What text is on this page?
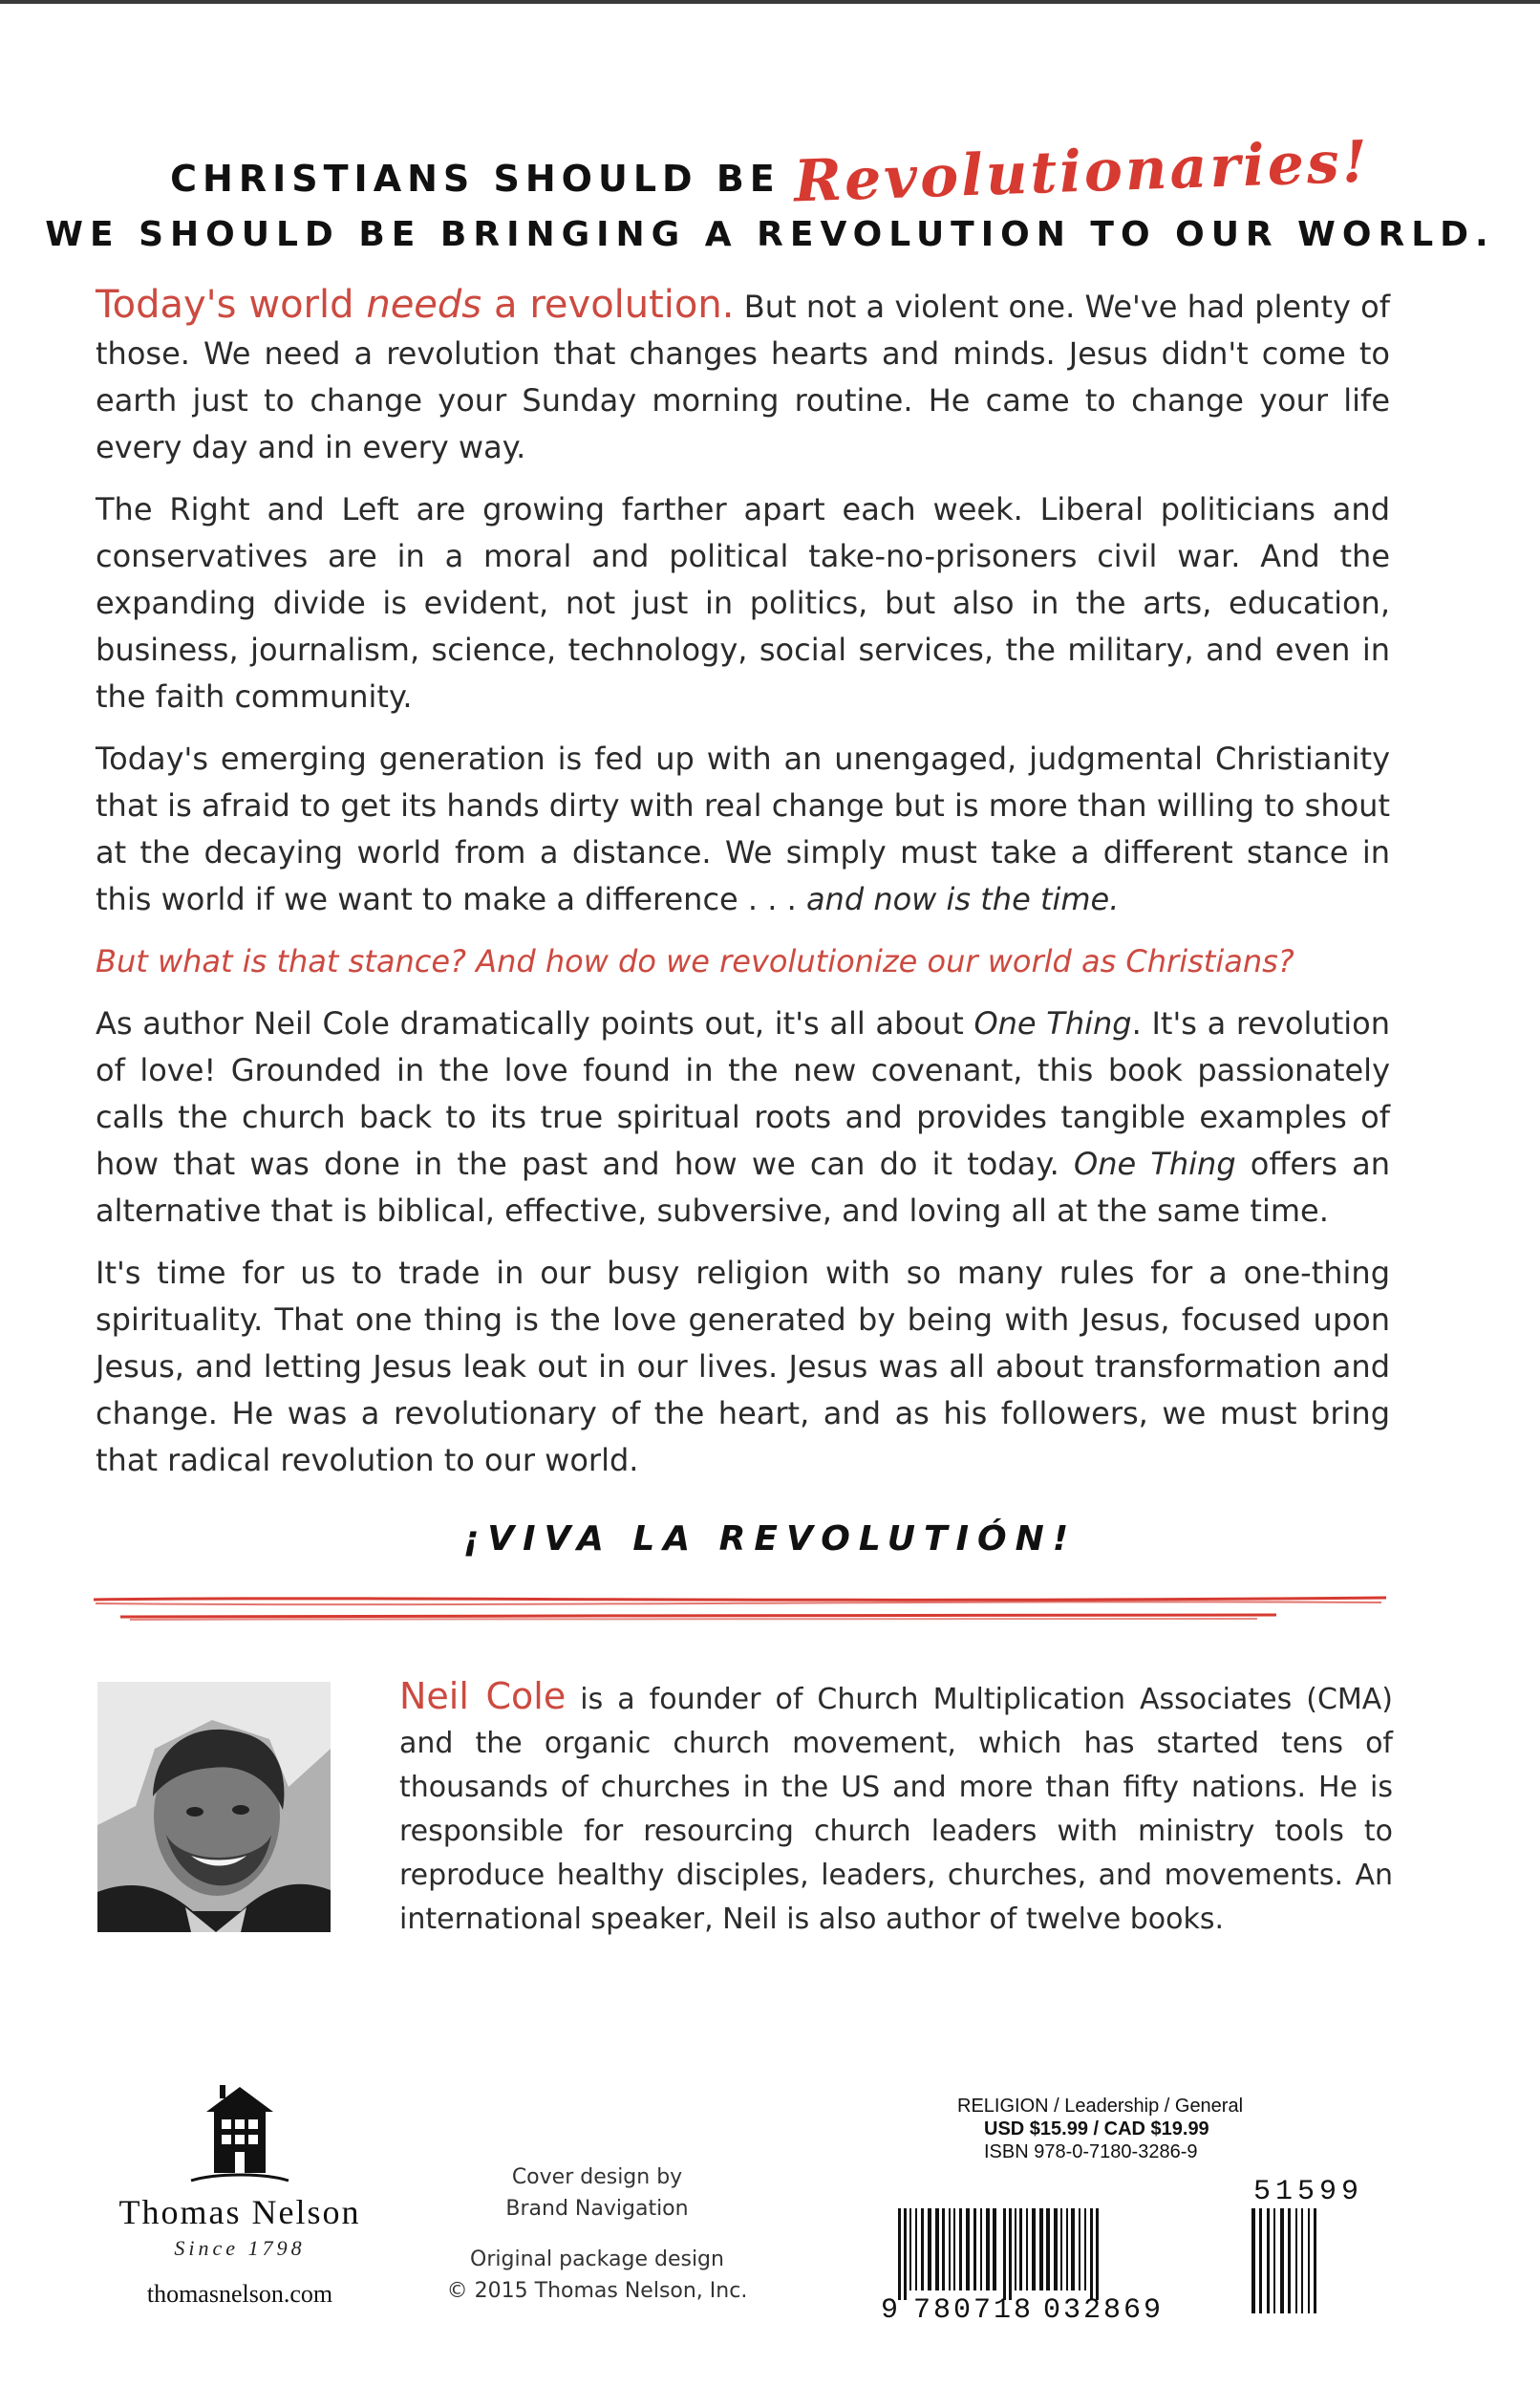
CHRISTIANS SHOULD BE Revolutionaries!
WE SHOULD BE BRINGING A REVOLUTION TO OUR WORLD.

Today's world needs a revolution. But not a violent one. We've had plenty of those. We need a revolution that changes hearts and minds. Jesus didn't come to earth just to change your Sunday morning routine. He came to change your life every day and in every way.

The Right and Left are growing farther apart each week. Liberal politicians and conservatives are in a moral and political take-no-prisoners civil war. And the expanding divide is evident, not just in politics, but also in the arts, education, business, journalism, science, technology, social services, the military, and even in the faith community.

Today's emerging generation is fed up with an unengaged, judgmental Christianity that is afraid to get its hands dirty with real change but is more than willing to shout at the decaying world from a distance. We simply must take a different stance in this world if we want to make a difference . . . and now is the time.

But what is that stance? And how do we revolutionize our world as Christians?

As author Neil Cole dramatically points out, it's all about One Thing. It's a revolution of love! Grounded in the love found in the new covenant, this book passionately calls the church back to its true spiritual roots and provides tangible examples of how that was done in the past and how we can do it today. One Thing offers an alternative that is biblical, effective, subversive, and loving all at the same time.

It's time for us to trade in our busy religion with so many rules for a one-thing spirituality. That one thing is the love generated by being with Jesus, focused upon Jesus, and letting Jesus leak out in our lives. Jesus was all about transformation and change. He was a revolutionary of the heart, and as his followers, we must bring that radical revolution to our world.

¡VIVA LA REVOLUTIÓN!
Neil Cole is a founder of Church Multiplication Associates (CMA) and the organic church movement, which has started tens of thousands of churches in the US and more than fifty nations. He is responsible for resourcing church leaders with ministry tools to reproduce healthy disciples, leaders, churches, and movements. An international speaker, Neil is also author of twelve books.
Thomas Nelson
Since 1798
thomasnelson.com
Cover design by
Brand Navigation
Original package design
© 2015 Thomas Nelson, Inc.
RELIGION / Leadership / General
USD $15.99 / CAD $19.99
ISBN 978-0-7180-3286-9
9 780718 032869
51599
